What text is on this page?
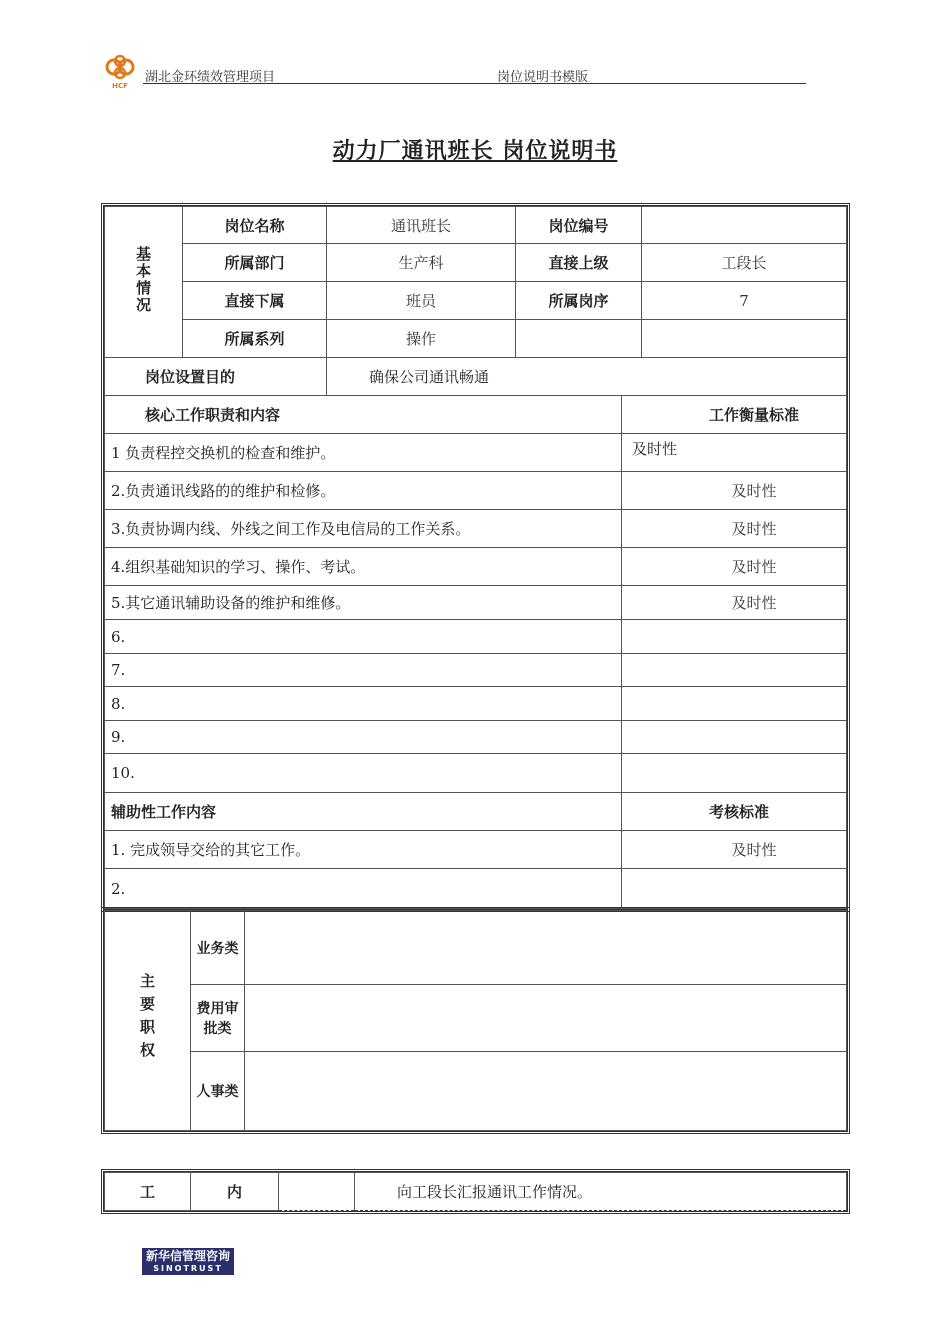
HCF
湖北金环绩效管理项目	岗位说明书模版
动力厂通讯班长 岗位说明书
基本情况	岗位名称	通讯班长	岗位编号		
	所属部门	生产科	直接上级		工段长
	直接下属	班员	所属岗序		7
	所属系列	操作			
岗位设置目的		确保公司通讯畅通			
核心工作职责和内容				工作衡量标准	
1 负责程控交换机的检查和维护。				及时性	
2.负责通讯线路的的维护和检修。				及时性	
3.负责协调内线、外线之间工作及电信局的工作关系。				及时性	
4.组织基础知识的学习、操作、考试。				及时性	
5.其它通讯辅助设备的维护和维修。				及时性	
6.					
7.					
8.					
9.					
10.					
辅助性工作内容				考核标准	
1. 完成领导交给的其它工作。				及时性	
2.					
主要职权	业务类	
	费用审批类	
	人事类	
工	内		向工段长汇报通讯工作情况。
新华信管理咨询
SINOTRUST
